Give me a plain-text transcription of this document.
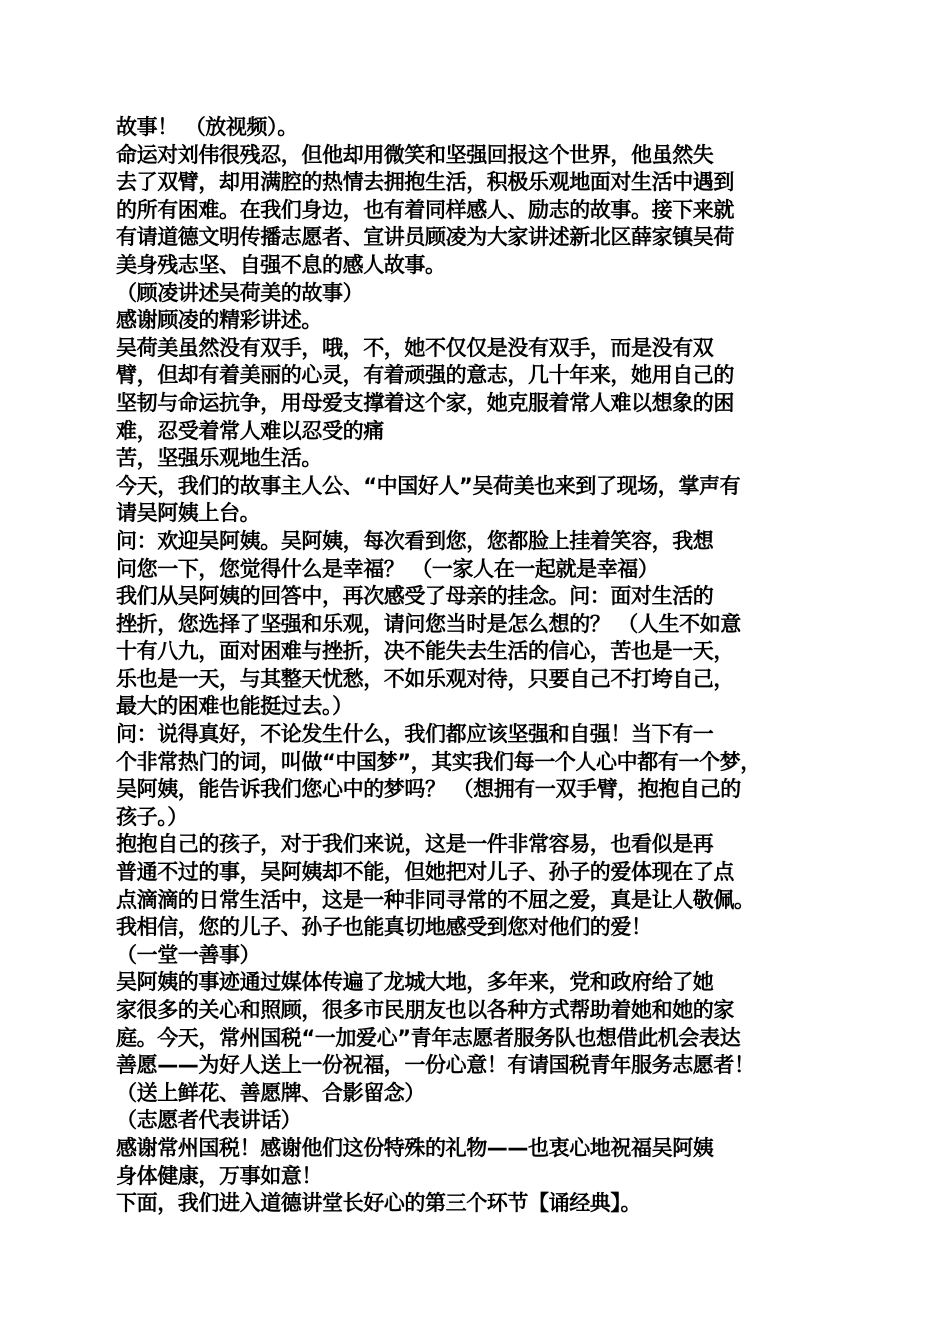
故事！ （放视频）。
命运对刘伟很残忍，但他却用微笑和坚强回报这个世界，他虽然失
去了双臂，却用满腔的热情去拥抱生活，积极乐观地面对生活中遇到
的所有困难。在我们身边，也有着同样感人、励志的故事。接下来就
有请道德文明传播志愿者、宣讲员顾凌为大家讲述新北区薛家镇吴荷
美身残志坚、自强不息的感人故事。
（顾凌讲述吴荷美的故事）
感谢顾凌的精彩讲述。
吴荷美虽然没有双手，哦，不，她不仅仅是没有双手，而是没有双
臂，但却有着美丽的心灵，有着顽强的意志，几十年来，她用自己的
坚韧与命运抗争，用母爱支撑着这个家，她克服着常人难以想象的困
难，忍受着常人难以忍受的痛
苦，坚强乐观地生活。
今天，我们的故事主人公、“中国好人”吴荷美也来到了现场，掌声有
请吴阿姨上台。
问：欢迎吴阿姨。吴阿姨，每次看到您，您都脸上挂着笑容，我想
问您一下，您觉得什么是幸福？ （一家人在一起就是幸福）
我们从吴阿姨的回答中，再次感受了母亲的挂念。问：面对生活的
挫折，您选择了坚强和乐观，请问您当时是怎么想的？ （人生不如意
十有八九，面对困难与挫折，决不能失去生活的信心，苦也是一天，
乐也是一天，与其整天忧愁，不如乐观对待，只要自己不打垮自己，
最大的困难也能挺过去。）
问：说得真好，不论发生什么，我们都应该坚强和自强！当下有一
个非常热门的词，叫做“中国梦”，其实我们每一个人心中都有一个梦，
吴阿姨，能告诉我们您心中的梦吗？ （想拥有一双手臂，抱抱自己的
孩子。）
抱抱自己的孩子，对于我们来说，这是一件非常容易，也看似是再
普通不过的事，吴阿姨却不能，但她把对儿子、孙子的爱体现在了点
点滴滴的日常生活中，这是一种非同寻常的不屈之爱，真是让人敬佩。
我相信，您的儿子、孙子也能真切地感受到您对他们的爱！
（一堂一善事）
吴阿姨的事迹通过媒体传遍了龙城大地，多年来，党和政府给了她
家很多的关心和照顾，很多市民朋友也以各种方式帮助着她和她的家
庭。今天，常州国税“一加爱心”青年志愿者服务队也想借此机会表达
善愿——为好人送上一份祝福，一份心意！有请国税青年服务志愿者！
（送上鲜花、善愿牌、合影留念）
（志愿者代表讲话）
感谢常州国税！感谢他们这份特殊的礼物——也衷心地祝福吴阿姨
身体健康，万事如意！
下面，我们进入道德讲堂长好心的第三个环节【诵经典】。
